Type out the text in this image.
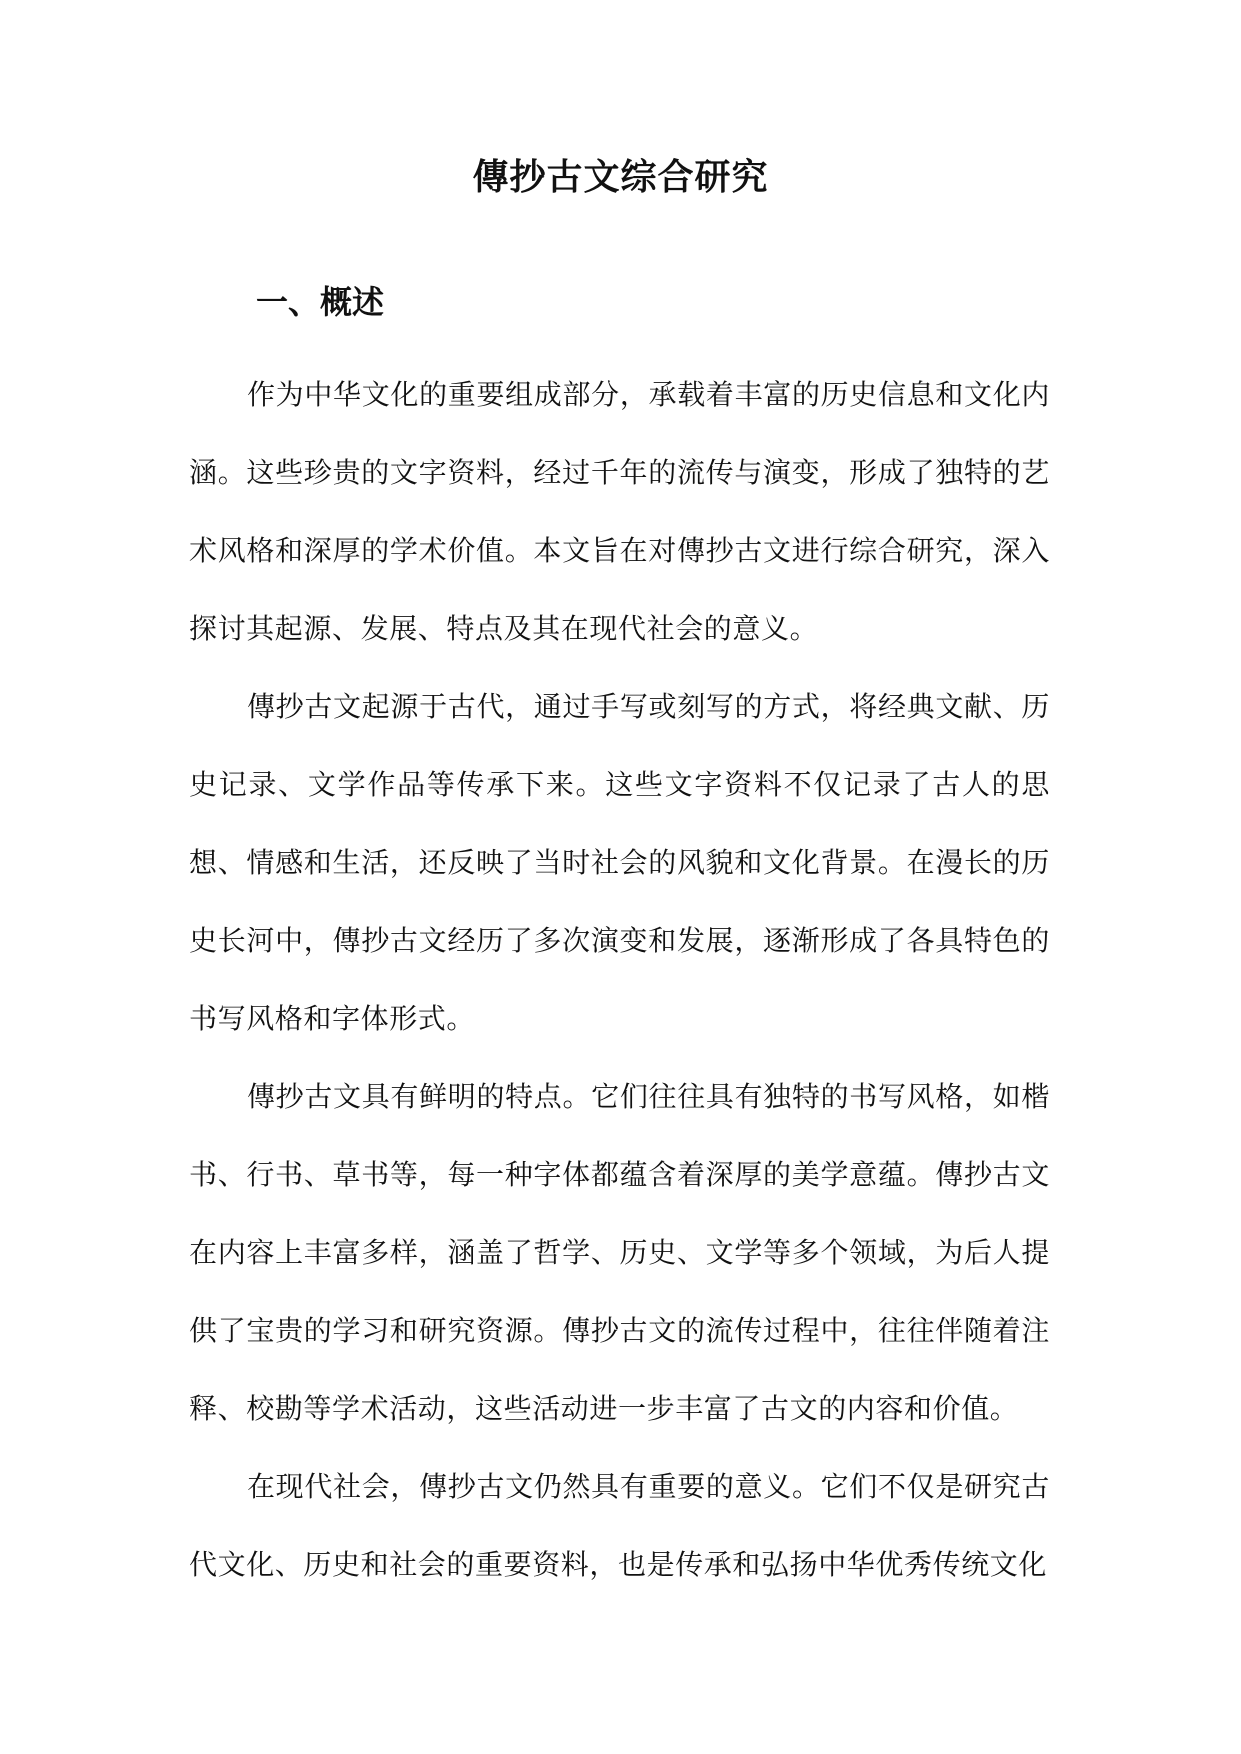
傳抄古文综合研究
一、概述

作为中华文化的重要组成部分，承载着丰富的历史信息和文化内涵。这些珍贵的文字资料，经过千年的流传与演变，形成了独特的艺术风格和深厚的学术价值。本文旨在对傳抄古文进行综合研究，深入探讨其起源、发展、特点及其在现代社会的意义。

傳抄古文起源于古代，通过手写或刻写的方式，将经典文献、历史记录、文学作品等传承下来。这些文字资料不仅记录了古人的思想、情感和生活，还反映了当时社会的风貌和文化背景。在漫长的历史长河中，傳抄古文经历了多次演变和发展，逐渐形成了各具特色的书写风格和字体形式。

傳抄古文具有鲜明的特点。它们往往具有独特的书写风格，如楷书、行书、草书等，每一种字体都蕴含着深厚的美学意蕴。傳抄古文在内容上丰富多样，涵盖了哲学、历史、文学等多个领域，为后人提供了宝贵的学习和研究资源。傳抄古文的流传过程中，往往伴随着注释、校勘等学术活动，这些活动进一步丰富了古文的内容和价值。

在现代社会，傳抄古文仍然具有重要的意义。它们不仅是研究古代文化、历史和社会的重要资料，也是传承和弘扬中华优秀传统文化
